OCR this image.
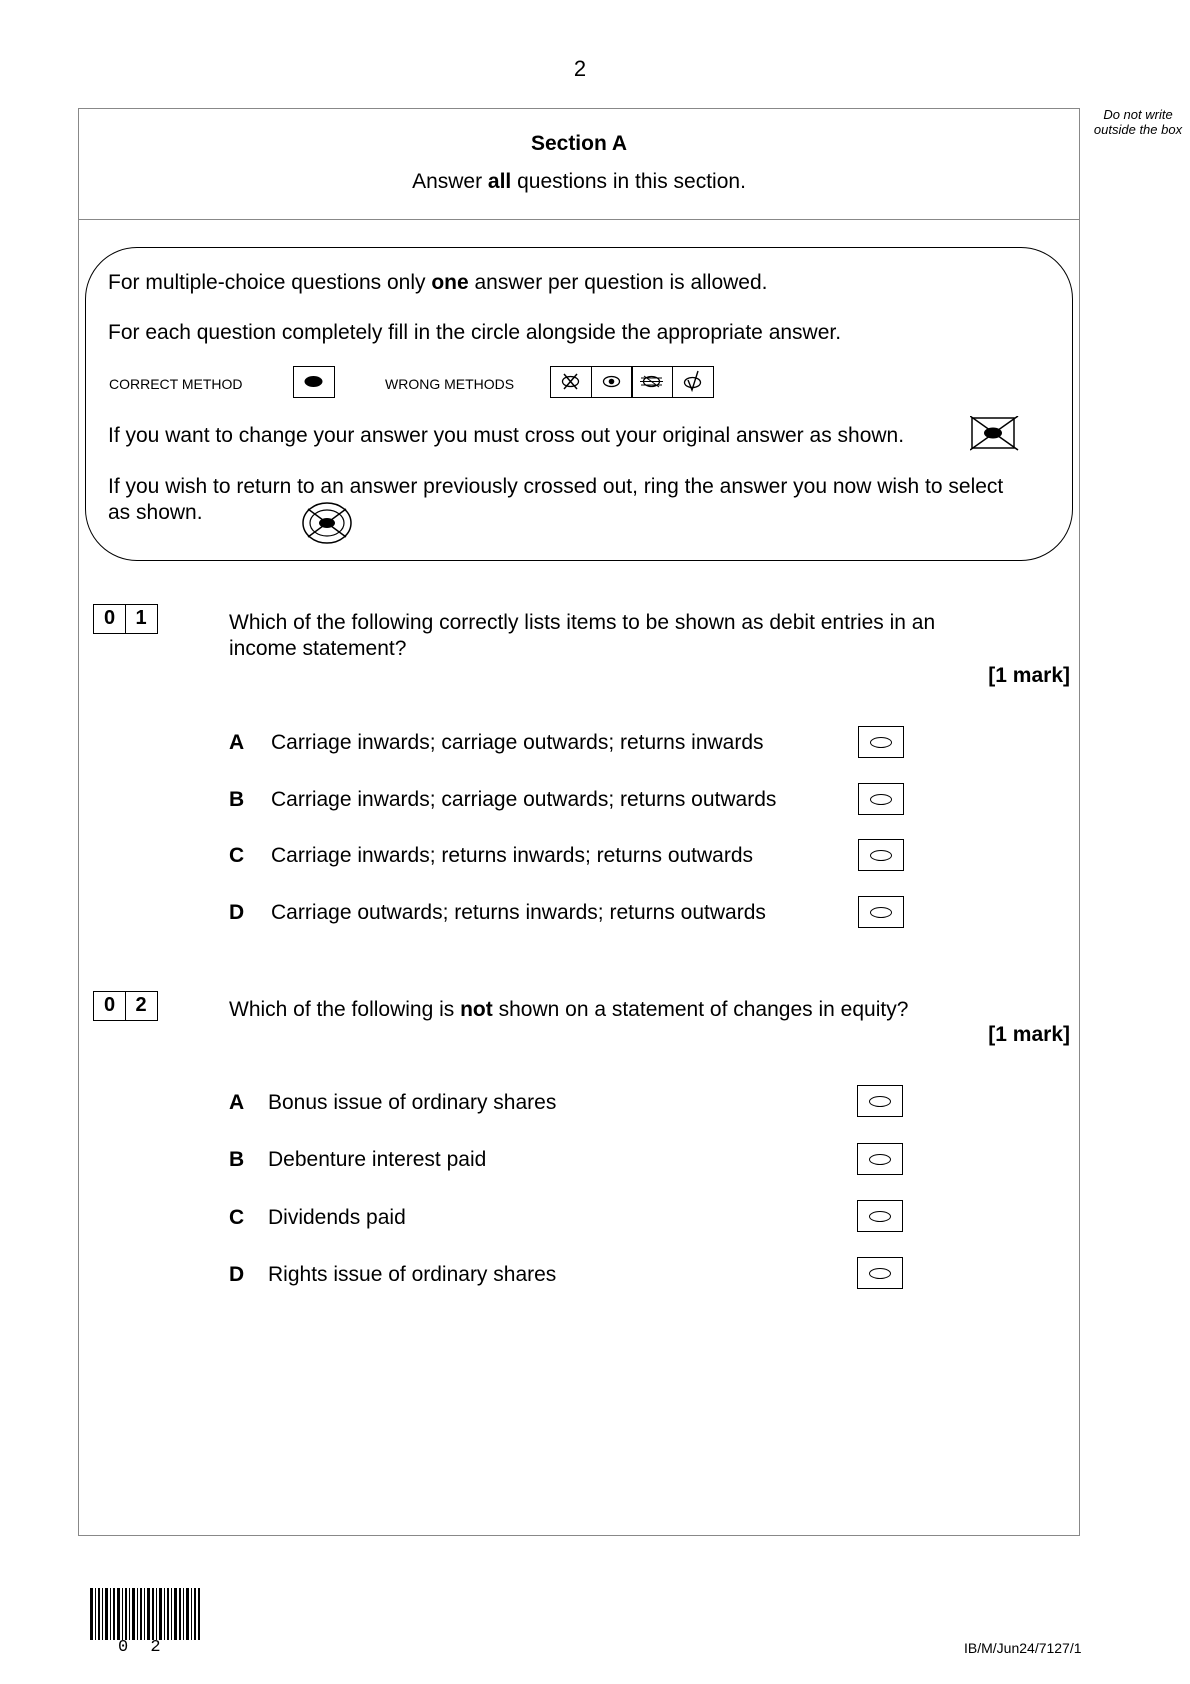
2
Do not write outside the box
Section A
Answer all questions in this section.
For multiple-choice questions only one answer per question is allowed.
For each question completely fill in the circle alongside the appropriate answer.
CORRECT METHOD	WRONG METHODS
If you want to change your answer you must cross out your original answer as shown.
If you wish to return to an answer previously crossed out, ring the answer you now wish to select as shown.
0	1	Which of the following correctly lists items to be shown as debit entries in an income statement?
[1 mark]
A Carriage inwards; carriage outwards; returns inwards
B Carriage inwards; carriage outwards; returns outwards
C Carriage inwards; returns inwards; returns outwards
D Carriage outwards; returns inwards; returns outwards
0	2	Which of the following is not shown on a statement of changes in equity?
[1 mark]
A Bonus issue of ordinary shares
B Debenture interest paid
C Dividends paid
D Rights issue of ordinary shares
0 2	IB/M/Jun24/7127/1
